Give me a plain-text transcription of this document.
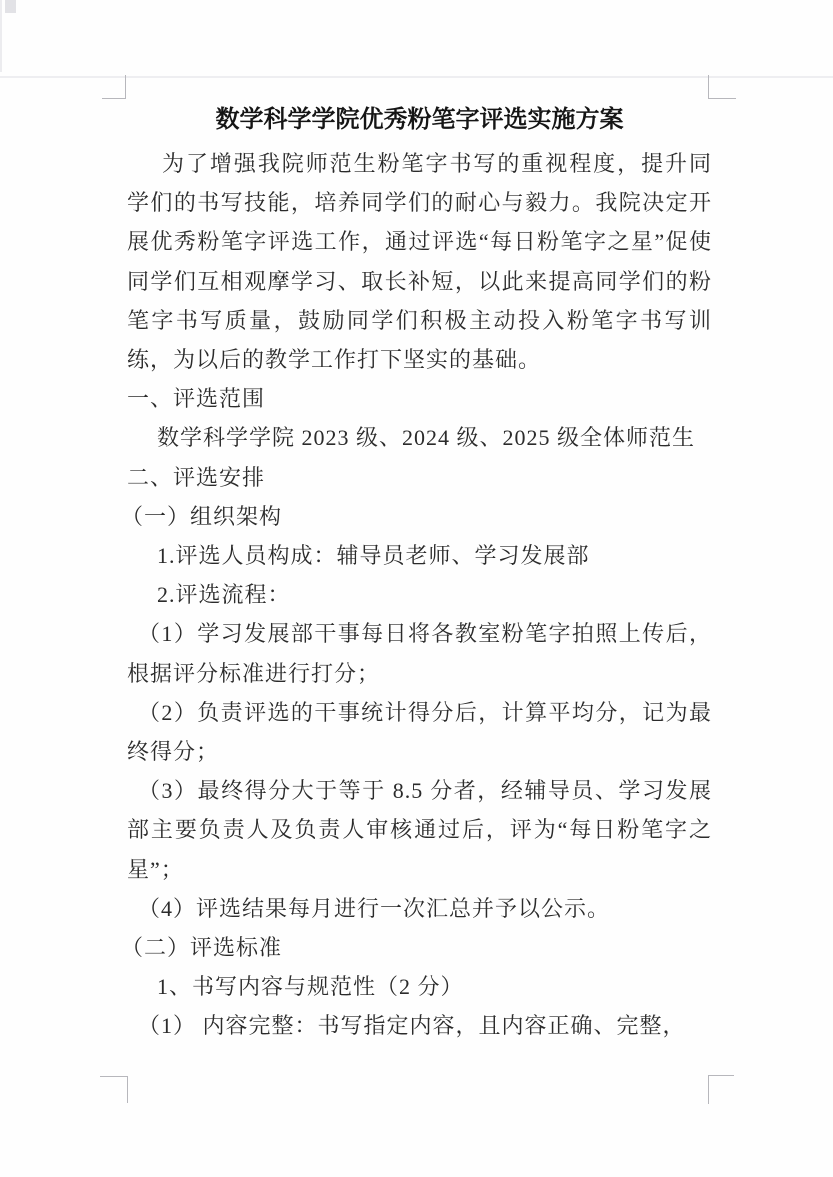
数学科学学院优秀粉笔字评选实施方案

为了增强我院师范生粉笔字书写的重视程度，提升同学们的书写技能，培养同学们的耐心与毅力。我院决定开展优秀粉笔字评选工作，通过评选“每日粉笔字之星”促使同学们互相观摩学习、取长补短，以此来提高同学们的粉笔字书写质量，鼓励同学们积极主动投入粉笔字书写训练，为以后的教学工作打下坚实的基础。

一、评选范围

数学科学学院 2023 级、2024 级、2025 级全体师范生

二、评选安排

（一）组织架构

1.评选人员构成：辅导员老师、学习发展部

2.评选流程：

（1）学习发展部干事每日将各教室粉笔字拍照上传后，根据评分标准进行打分；

（2）负责评选的干事统计得分后，计算平均分，记为最终得分；

（3）最终得分大于等于 8.5 分者，经辅导员、学习发展部主要负责人及负责人审核通过后，评为“每日粉笔字之星”；

（4）评选结果每月进行一次汇总并予以公示。

（二）评选标准

1、书写内容与规范性（2 分）

（1） 内容完整：书写指定内容，且内容正确、完整，
